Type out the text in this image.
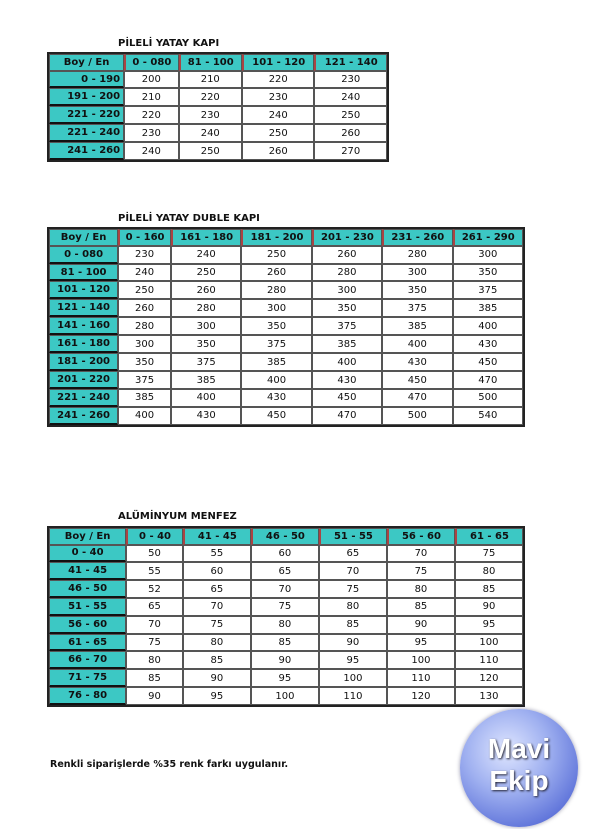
PİLELİ YATAY KAPI
Boy / En	0 - 080	81 - 100	101 - 120	121 - 140
0 - 190	200	210	220	230
191 - 200	210	220	230	240
221 - 220	220	230	240	250
221 - 240	230	240	250	260
241 - 260	240	250	260	270
PİLELİ YATAY DUBLE KAPI
Boy / En	0 - 160	161 - 180	181 - 200	201 - 230	231 - 260	261 - 290
0 - 080	230	240	250	260	280	300
81 - 100	240	250	260	280	300	350
101 - 120	250	260	280	300	350	375
121 - 140	260	280	300	350	375	385
141 - 160	280	300	350	375	385	400
161 - 180	300	350	375	385	400	430
181 - 200	350	375	385	400	430	450
201 - 220	375	385	400	430	450	470
221 - 240	385	400	430	450	470	500
241 - 260	400	430	450	470	500	540
ALÜMİNYUM MENFEZ
Boy / En	0 - 40	41 - 45	46 - 50	51 - 55	56 - 60	61 - 65
0 - 40	50	55	60	65	70	75
41 - 45	55	60	65	70	75	80
46 - 50	52	65	70	75	80	85
51 - 55	65	70	75	80	85	90
56 - 60	70	75	80	85	90	95
61 - 65	75	80	85	90	95	100
66 - 70	80	85	90	95	100	110
71 - 75	85	90	95	100	110	120
76 - 80	90	95	100	110	120	130
Renkli siparişlerde %35 renk farkı uygulanır.
Mavi
Ekip
